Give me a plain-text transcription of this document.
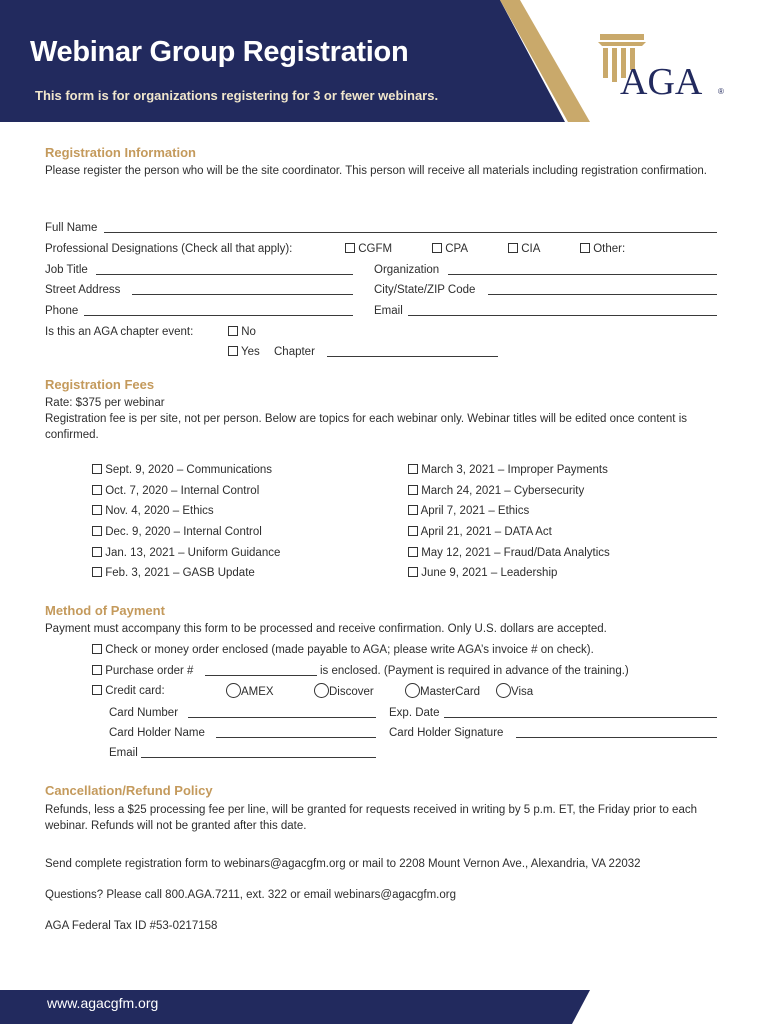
Webinar Group Registration
This form is for organizations registering for 3 or fewer webinars.	AGA ®
Registration Information
Please register the person who will be the site coordinator. This person will receive all materials including registration confirmation.
Full Name
Professional Designations (Check all that apply):	CGFM	CPA	CIA	Other:
Job Title	Organization
Street Address	City/State/ZIP Code
Phone	Email
Is this an AGA chapter event:	No
Yes Chapter
Registration Fees
Rate: $375 per webinar
Registration fee is per site, not per person. Below are topics for each webinar only. Webinar titles will be edited once content is confirmed.
Sept. 9, 2020 – Communications
Oct. 7, 2020 – Internal Control
Nov. 4, 2020 – Ethics
Dec. 9, 2020 – Internal Control
Jan. 13, 2021 – Uniform Guidance
Feb. 3, 2021 – GASB Update
March 3, 2021 – Improper Payments
March 24, 2021 – Cybersecurity
April 7, 2021 – Ethics
April 21, 2021 – DATA Act
May 12, 2021 – Fraud/Data Analytics
June 9, 2021 – Leadership
Method of Payment
Payment must accompany this form to be processed and receive confirmation. Only U.S. dollars are accepted.
Check or money order enclosed (made payable to AGA; please write AGA’s invoice # on check).
Purchase order #	is enclosed. (Payment is required in advance of the training.)
Credit card:	AMEX	Discover	MasterCard	Visa
Card Number	Exp. Date
Card Holder Name	Card Holder Signature
Email
Cancellation/Refund Policy
Refunds, less a $25 processing fee per line, will be granted for requests received in writing by 5 p.m. ET, the Friday prior to each webinar. Refunds will not be granted after this date.
Send complete registration form to webinars@agacgfm.org or mail to 2208 Mount Vernon Ave., Alexandria, VA 22032
Questions? Please call 800.AGA.7211, ext. 322 or email webinars@agacgfm.org
AGA Federal Tax ID #53-0217158
www.agacgfm.org
